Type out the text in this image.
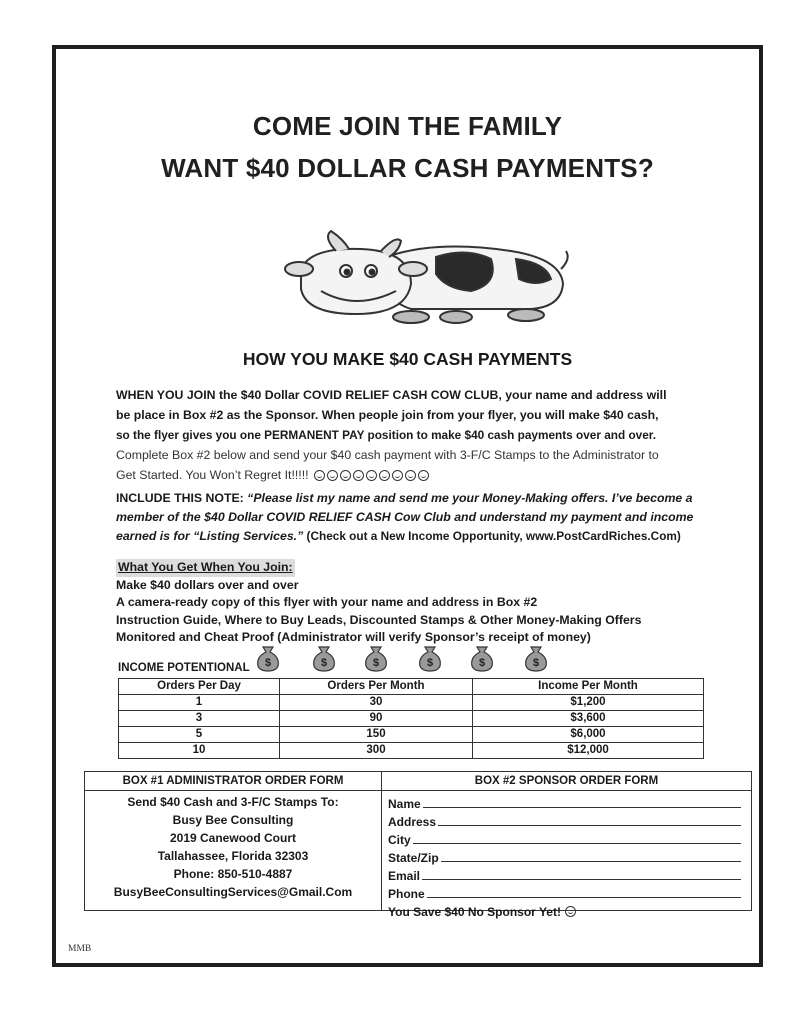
COME JOIN THE FAMILY
WANT $40 DOLLAR CASH PAYMENTS?
HOW YOU MAKE $40 CASH PAYMENTS
WHEN YOU JOIN the $40 Dollar COVID RELIEF CASH COW CLUB, your name and address will
be place in Box #2 as the Sponsor. When people join from your flyer, you will make $40 cash,
so the flyer gives you one PERMANENT PAY position to make $40 cash payments over and over.
Complete Box #2 below and send your $40 cash payment with 3-F/C Stamps to the Administrator to
Get Started. You Won’t Regret It!!!!!
INCLUDE THIS NOTE: “Please list my name and send me your Money-Making offers. I’ve become a
member of the $40 Dollar COVID RELIEF CASH Cow Club and understand my payment and income
earned is for “Listing Services.” (Check out a New Income Opportunity, www.PostCardRiches.Com)
What You Get When You Join:
Make $40 dollars over and over
A camera-ready copy of this flyer with your name and address in Box #2
Instruction Guide, Where to Buy Leads, Discounted Stamps & Other Money-Making Offers
Monitored and Cheat Proof (Administrator will verify Sponsor’s receipt of money)
INCOME POTENTIONAL $	$	$	$	$	$
Orders Per Day	Orders Per Month	Income Per Month
1	30	$1,200
3	90	$3,600
5	150	$6,000
10	300	$12,000
BOX #1 ADMINISTRATOR ORDER FORM
Send $40 Cash and 3-F/C Stamps To:
Busy Bee Consulting
2019 Canewood Court
Tallahassee, Florida 32303
Phone: 850-510-4887
BusyBeeConsultingServices@Gmail.Com
BOX #2 SPONSOR ORDER FORM
Name
Address
City
State/Zip
Email
Phone
You Save $40 No Sponsor Yet!
MMB
